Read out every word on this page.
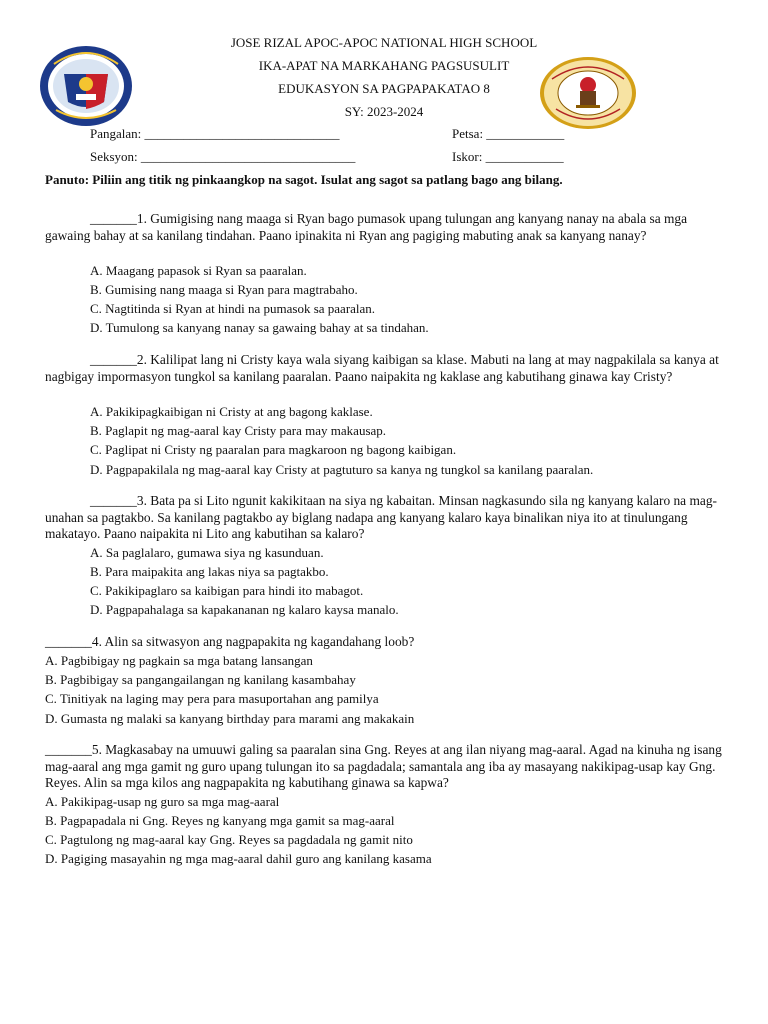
JOSE RIZAL APOC-APOC NATIONAL HIGH SCHOOL
IKA-APAT NA MARKAHANG PAGSUSULIT
EDUKASYON SA PAGPAPAKATAO 8
SY: 2023-2024
Pangalan: ______________________________	Petsa: ____________
Seksyon: _________________________________	Iskor: ____________
Panuto: Piliin ang titik ng pinkaangkop na sagot. Isulat ang sagot sa patlang bago ang bilang.
_______1. Gumigising nang maaga si Ryan bago pumasok upang tulungan ang kanyang nanay na abala sa mga gawaing bahay at sa kanilang tindahan. Paano ipinakita ni Ryan ang pagiging mabuting anak sa kanyang nanay?
A. Maagang papasok si Ryan sa paaralan.
B. Gumising nang maaga si Ryan para magtrabaho.
C. Nagtitinda si Ryan at hindi na pumasok sa paaralan.
D. Tumulong sa kanyang nanay sa gawaing bahay at sa tindahan.
_______2. Kalilipat lang ni Cristy kaya wala siyang kaibigan sa klase. Mabuti na lang at may nagpakilala sa kanya at nagbigay impormasyon tungkol sa kanilang paaralan. Paano naipakita ng kaklase ang kabutihang ginawa kay Cristy?
A. Pakikipagkaibigan ni Cristy at ang bagong kaklase.
B. Paglapit ng mag-aaral kay Cristy para may makausap.
C. Paglipat ni Cristy ng paaralan para magkaroon ng bagong kaibigan.
D. Pagpapakilala ng mag-aaral kay Cristy at pagtuturo sa kanya ng tungkol sa kanilang paaralan.
_______3. Bata pa si Lito ngunit kakikitaan na siya ng kabaitan. Minsan nagkasundo sila ng kanyang kalaro na mag-unahan sa pagtakbo. Sa kanilang pagtakbo ay biglang nadapa ang kanyang kalaro kaya binalikan niya ito at tinulungang makatayo. Paano naipakita ni Lito ang kabutihan sa kalaro?
A. Sa paglalaro, gumawa siya ng kasunduan.
B. Para maipakita ang lakas niya sa pagtakbo.
C. Pakikipaglaro sa kaibigan para hindi ito mabagot.
D. Pagpapahalaga sa kapakananan ng kalaro kaysa manalo.
_______4. Alin sa sitwasyon ang nagpapakita ng kagandahang loob?
A. Pagbibigay ng pagkain sa mga batang lansangan
B. Pagbibigay sa pangangailangan ng kanilang kasambahay
C. Tinitiyak na laging may pera para masuportahan ang pamilya
D. Gumasta ng malaki sa kanyang birthday para marami ang makakain
_______5. Magkasabay na umuuwi galing sa paaralan sina Gng. Reyes at ang ilan niyang mag-aaral. Agad na kinuha ng isang mag-aaral ang mga gamit ng guro upang tulungan ito sa pagdadala; samantala ang iba ay masayang nakikipag-usap kay Gng. Reyes. Alin sa mga kilos ang nagpapakita ng kabutihang ginawa sa kapwa?
A. Pakikipag-usap ng guro sa mga mag-aaral
B. Pagpapadala ni Gng. Reyes ng kanyang mga gamit sa mag-aaral
C. Pagtulong ng mag-aaral kay Gng. Reyes sa pagdadala ng gamit nito
D. Pagiging masayahin ng mga mag-aaral dahil guro ang kanilang kasama
